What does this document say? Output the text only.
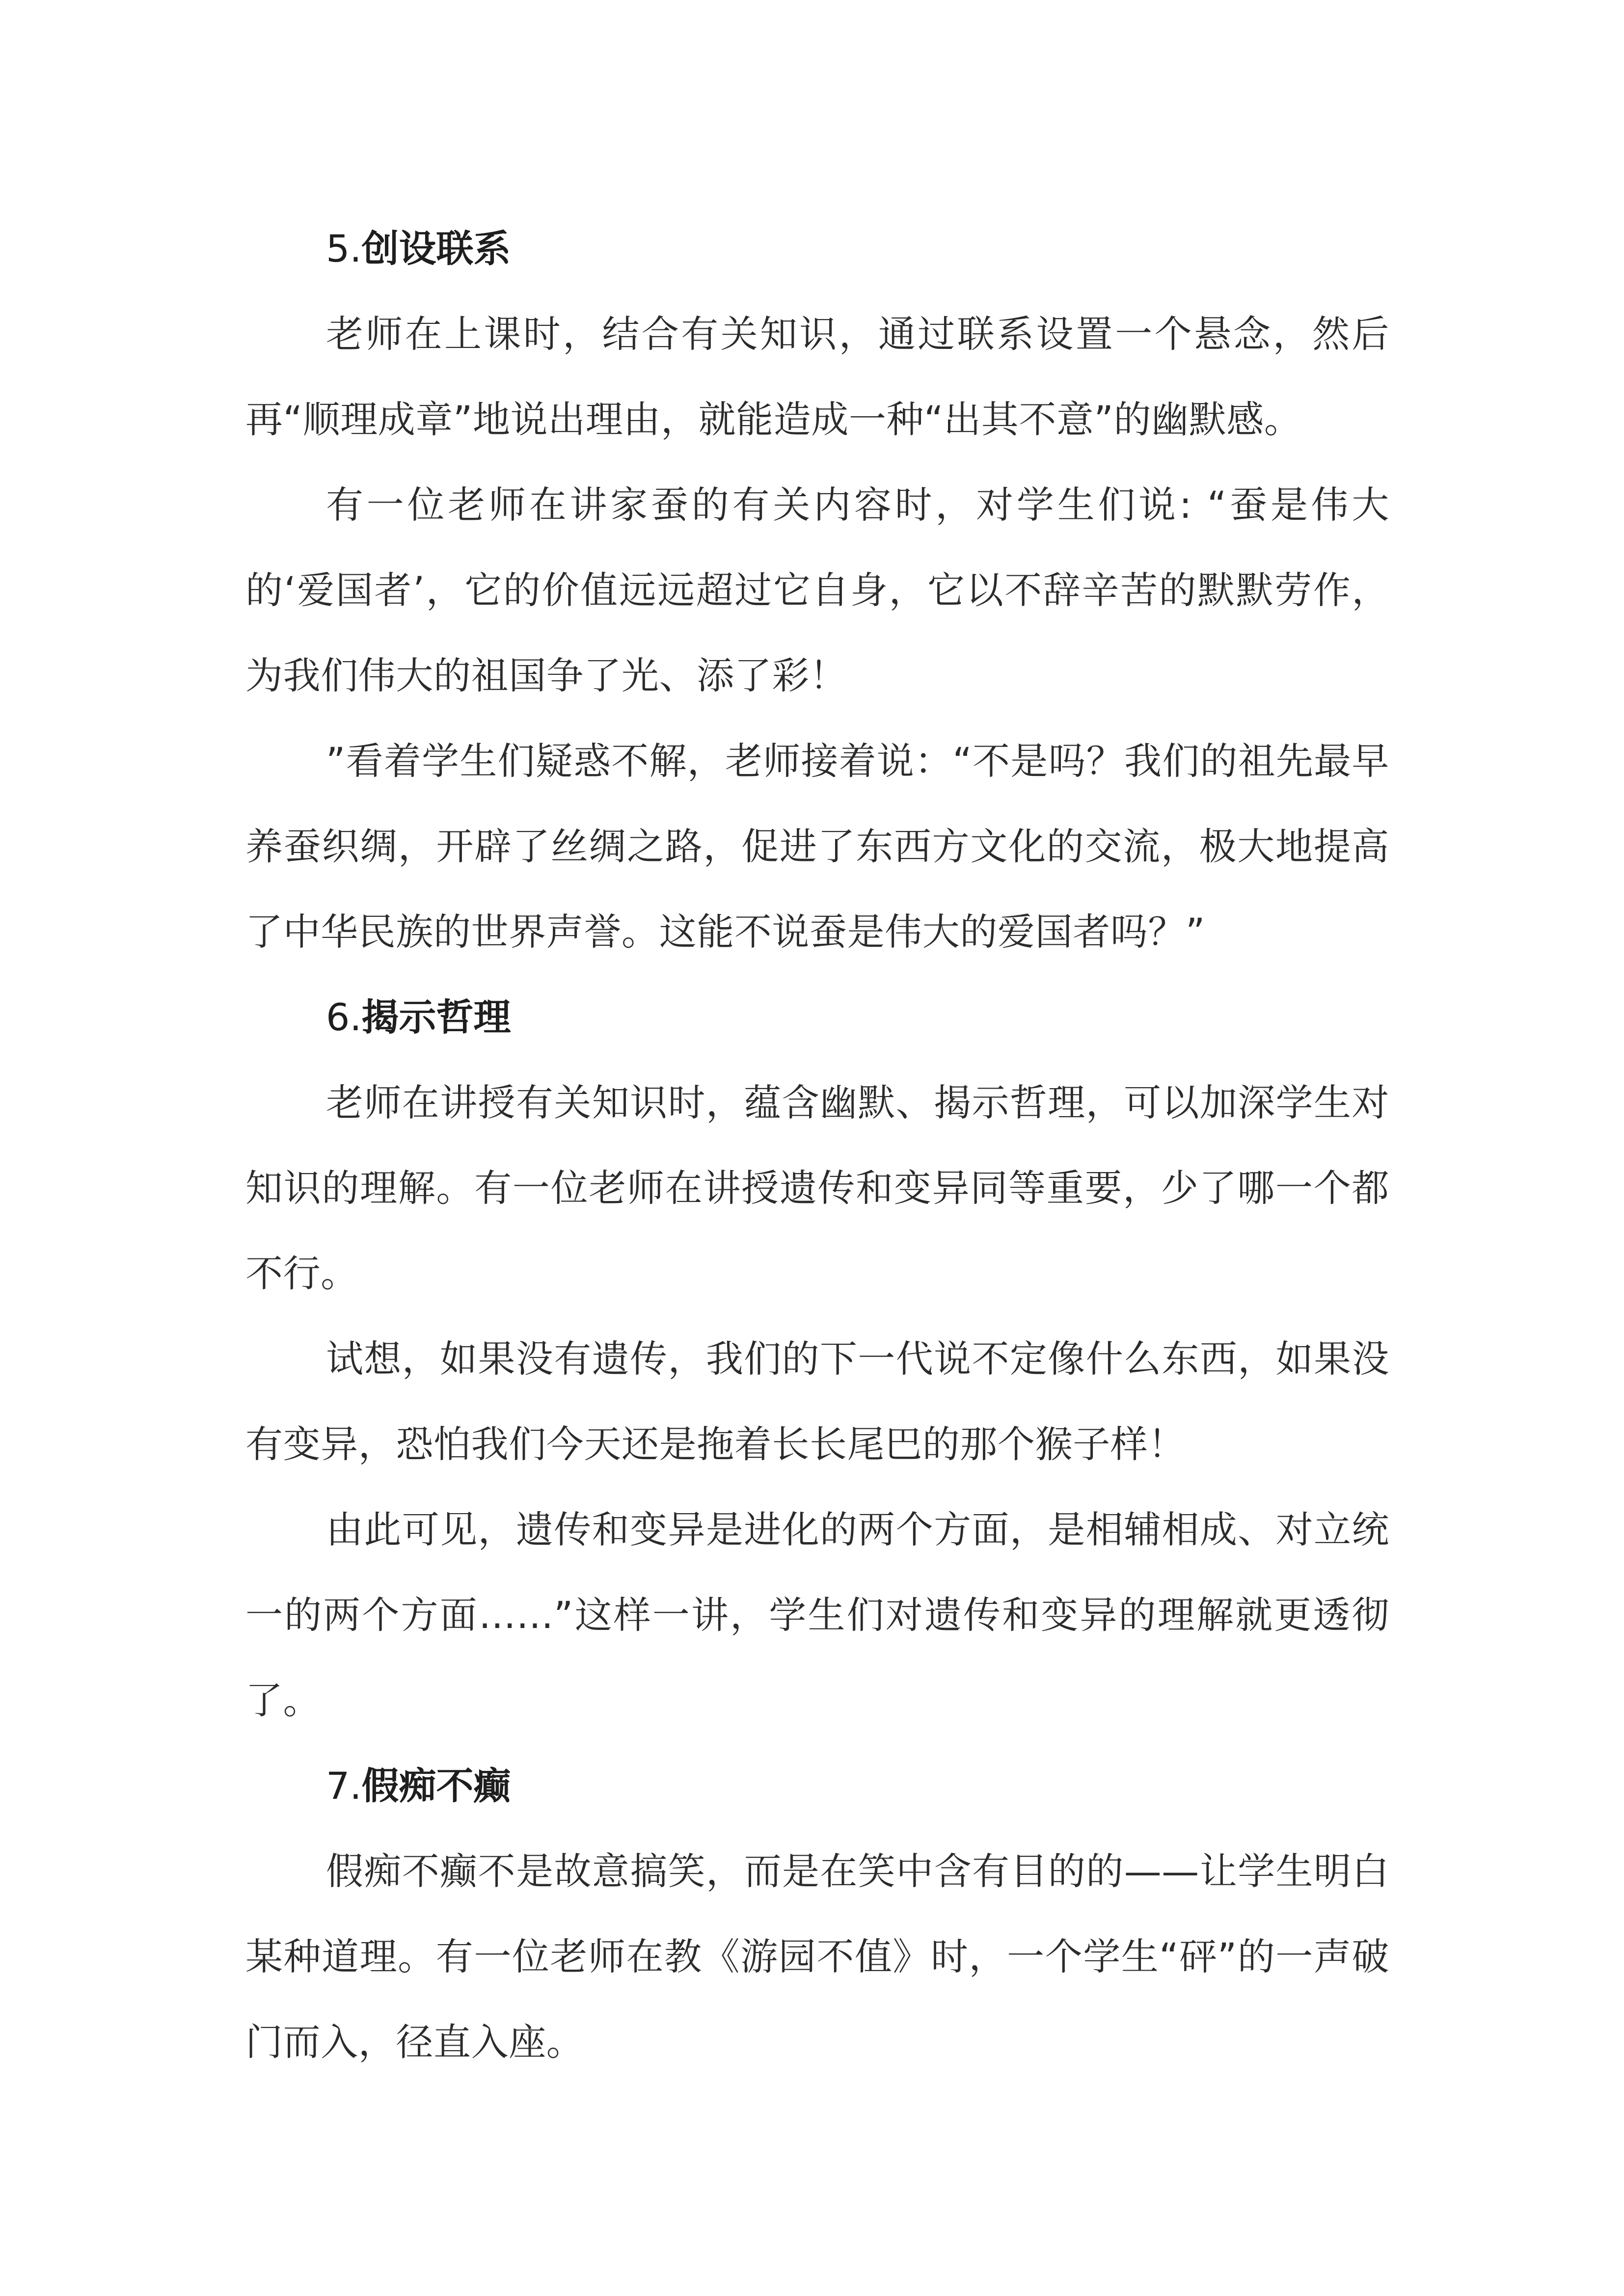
5.创设联系

老师在上课时，结合有关知识，通过联系设置一个悬念，然后再“顺理成章”地说出理由，就能造成一种“出其不意”的幽默感。

有一位老师在讲家蚕的有关内容时，对学生们说: “蚕是伟大的‘爱国者’，它的价值远远超过它自身，它以不辞辛苦的默默劳作，为我们伟大的祖国争了光、添了彩！

”看着学生们疑惑不解，老师接着说：“不是吗？我们的祖先最早养蚕织绸，开辟了丝绸之路，促进了东西方文化的交流，极大地提高了中华民族的世界声誉。这能不说蚕是伟大的爱国者吗？”

6.揭示哲理

老师在讲授有关知识时，蕴含幽默、揭示哲理，可以加深学生对知识的理解。有一位老师在讲授遗传和变异同等重要，少了哪一个都不行。

试想，如果没有遗传，我们的下一代说不定像什么东西，如果没有变异，恐怕我们今天还是拖着长长尾巴的那个猴子样！

由此可见，遗传和变异是进化的两个方面，是相辅相成、对立统一的两个方面……”这样一讲，学生们对遗传和变异的理解就更透彻了。

7.假痴不癫

假痴不癫不是故意搞笑，而是在笑中含有目的的——让学生明白某种道理。有一位老师在教《游园不值》时，一个学生“砰”的一声破门而入，径直入座。
